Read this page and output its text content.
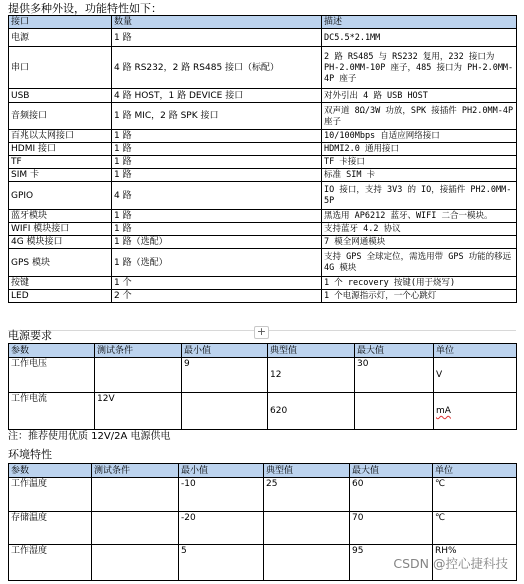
提供多种外设，功能特性如下：
接口	数量	描述
电源	1 路	DC5.5*2.1MM
串口	4 路 RS232，2 路 RS485 接口（标配）	2 路 RS485 与 RS232 复用，232 接口为 PH-2.0MM-10P 座子，485 接口为 PH-2.0MM-4P 座子
USB	4 路 HOST，1 路 DEVICE 接口	对外引出 4 路 USB HOST
音频接口	1 路 MIC，2 路 SPK 接口	双声道 8Ω/3W 功放，SPK 接插件 PH2.0MM-4P 座子
百兆以太网接口	1 路	10/100Mbps 自适应网络接口
HDMI 接口	1 路	HDMI2.0 通用接口
TF	1 路	TF 卡接口
SIM 卡	1 路	标准 SIM 卡
GPIO	4 路	IO 接口，支持 3V3 的 IO，接插件 PH2.0MM-5P
蓝牙模块	1 路	黑选用 AP6212 蓝牙、WIFI 二合一模块。
WIFI 模块接口	1 路	支持蓝牙 4.2 协议
4G 模块接口	1 路（选配）	7 模全网通模块
GPS 模块	1 路（选配）	支持 GPS 全球定位，需选用带 GPS 功能的移远 4G 模块
按键	1 个	1 个 recovery 按键(用于烧写)
LED	2 个	1 个电源指示灯，一个心跳灯
+
电源要求
参数	测试条件	最小值	典型值	最大值	单位
工作电压		9	12	30	V
工作电流	12V		620		mA
注：推荐使用优质 12V/2A 电源供电
环境特性
参数	测试条件	最小值	典型值	最大值	单位
工作温度		-10	25	60	℃
存储温度		-20		70	℃
工作湿度		5		95	RH%
CSDN @控心捷科技
